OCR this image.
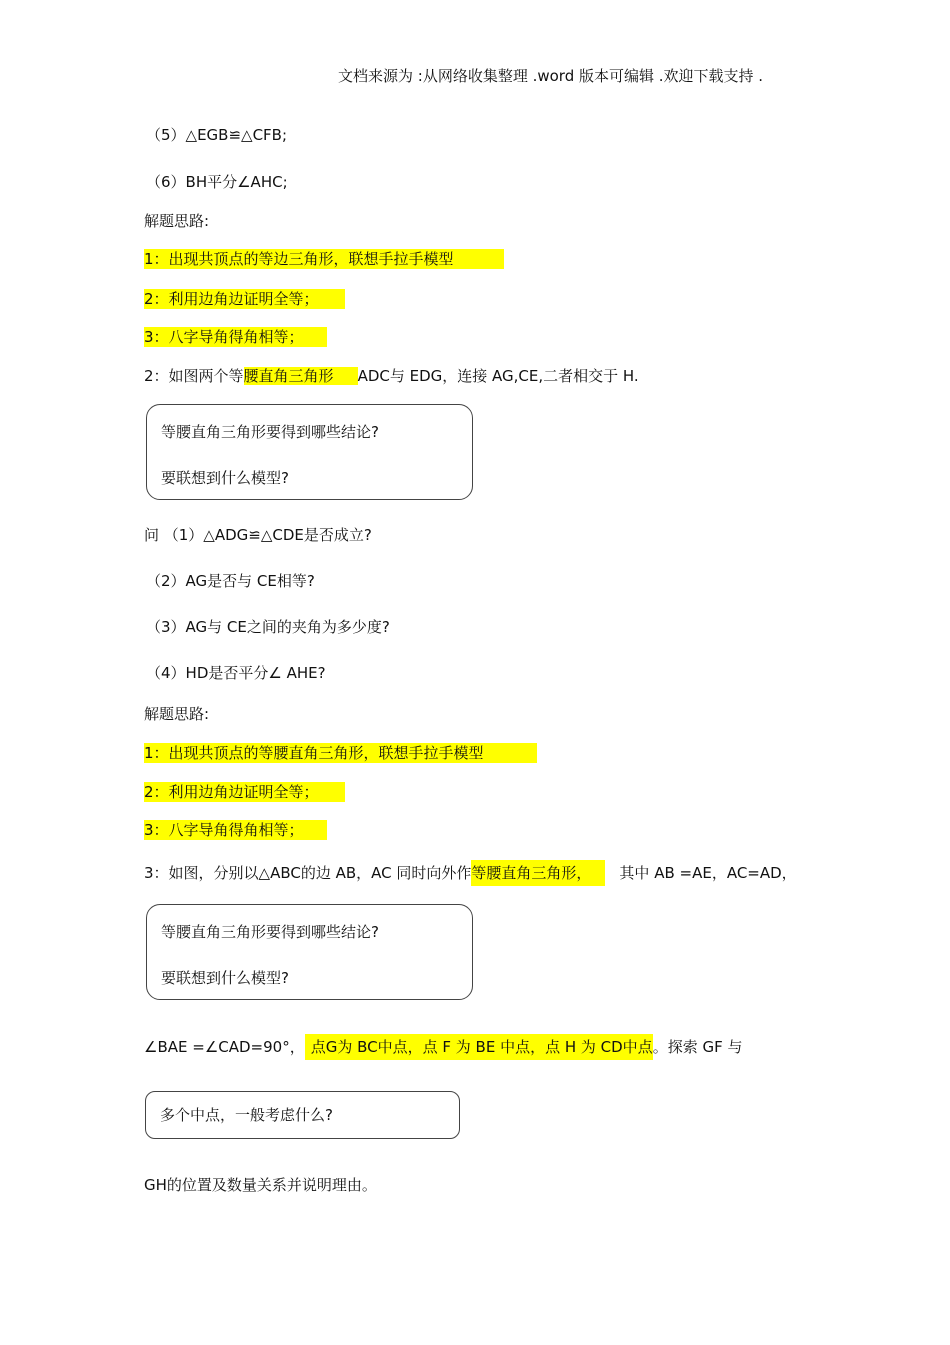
文档来源为 :从网络收集整理 .word 版本可编辑 .欢迎下载支持 .
（5）△EGB≌△CFB;
（6）BH平分∠AHC;
解题思路:
1：出现共顶点的等边三角形，联想手拉手模型
2：利用边角边证明全等；
3：八字导角得角相等；
2：如图两个等腰直角三角形 ADC与 EDG，连接 AG,CE,二者相交于 H.
等腰直角三角形要得到哪些结论?
要联想到什么模型?
问 （1）△ADG≌△CDE是否成立?
（2）AG是否与 CE相等?
（3）AG与 CE之间的夹角为多少度?
（4）HD是否平分∠ AHE?
解题思路:
1：出现共顶点的等腰直角三角形，联想手拉手模型
2：利用边角边证明全等；
3：八字导角得角相等；
3：如图，分别以△ABC的边 AB，AC 同时向外作等腰直角三角形， 其中 AB =AE，AC=AD，
等腰直角三角形要得到哪些结论?
要联想到什么模型?
∠BAE =∠CAD=90°， 点G为 BC中点，点 F 为 BE 中点，点 H 为 CD中点。探索 GF 与
多个中点，一般考虑什么?
GH的位置及数量关系并说明理由。
